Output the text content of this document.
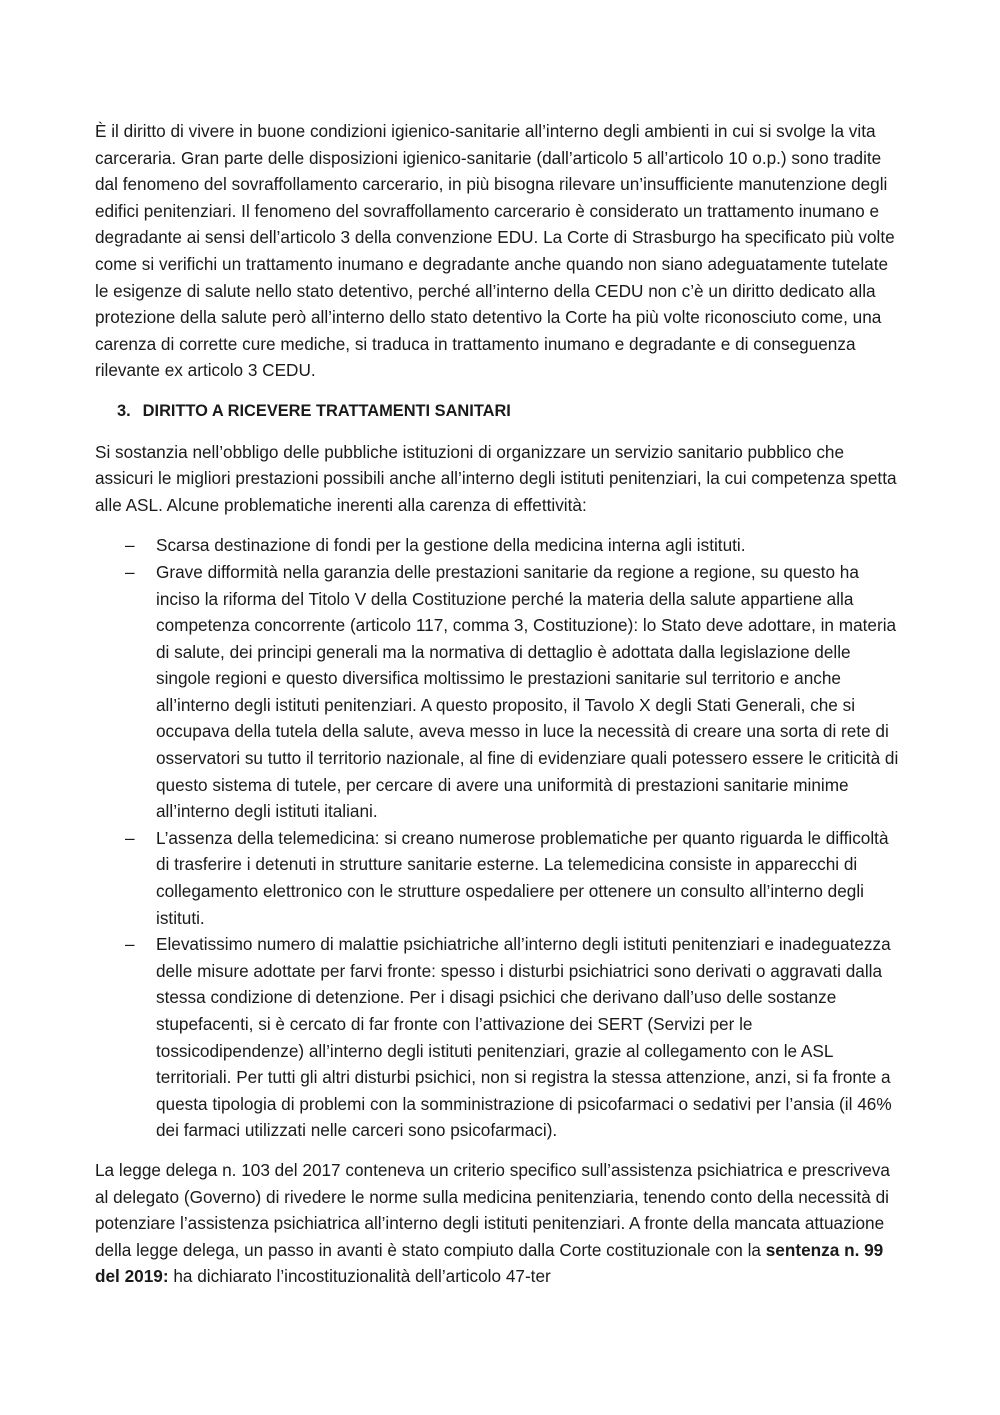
È il diritto di vivere in buone condizioni igienico-sanitarie all’interno degli ambienti in cui si svolge la vita carceraria. Gran parte delle disposizioni igienico-sanitarie (dall’articolo 5 all’articolo 10 o.p.) sono tradite dal fenomeno del sovraffollamento carcerario, in più bisogna rilevare un’insufficiente manutenzione degli edifici penitenziari. Il fenomeno del sovraffollamento carcerario è considerato un trattamento inumano e degradante ai sensi dell’articolo 3 della convenzione EDU. La Corte di Strasburgo ha specificato più volte come si verifichi un trattamento inumano e degradante anche quando non siano adeguatamente tutelate le esigenze di salute nello stato detentivo, perché all’interno della CEDU non c’è un diritto dedicato alla protezione della salute però all’interno dello stato detentivo la Corte ha più volte riconosciuto come, una carenza di corrette cure mediche, si traduca in trattamento inumano e degradante e di conseguenza rilevante ex articolo 3 CEDU.

3. DIRITTO A RICEVERE TRATTAMENTI SANITARI

Si sostanzia nell’obbligo delle pubbliche istituzioni di organizzare un servizio sanitario pubblico che assicuri le migliori prestazioni possibili anche all’interno degli istituti penitenziari, la cui competenza spetta alle ASL. Alcune problematiche inerenti alla carenza di effettività:

– Scarsa destinazione di fondi per la gestione della medicina interna agli istituti.
– Grave difformità nella garanzia delle prestazioni sanitarie da regione a regione, su questo ha inciso la riforma del Titolo V della Costituzione perché la materia della salute appartiene alla competenza concorrente (articolo 117, comma 3, Costituzione): lo Stato deve adottare, in materia di salute, dei principi generali ma la normativa di dettaglio è adottata dalla legislazione delle singole regioni e questo diversifica moltissimo le prestazioni sanitarie sul territorio e anche all’interno degli istituti penitenziari. A questo proposito, il Tavolo X degli Stati Generali, che si occupava della tutela della salute, aveva messo in luce la necessità di creare una sorta di rete di osservatori su tutto il territorio nazionale, al fine di evidenziare quali potessero essere le criticità di questo sistema di tutele, per cercare di avere una uniformità di prestazioni sanitarie minime all’interno degli istituti italiani.
– L’assenza della telemedicina: si creano numerose problematiche per quanto riguarda le difficoltà di trasferire i detenuti in strutture sanitarie esterne. La telemedicina consiste in apparecchi di collegamento elettronico con le strutture ospedaliere per ottenere un consulto all’interno degli istituti.
– Elevatissimo numero di malattie psichiatriche all’interno degli istituti penitenziari e inadeguatezza delle misure adottate per farvi fronte: spesso i disturbi psichiatrici sono derivati o aggravati dalla stessa condizione di detenzione. Per i disagi psichici che derivano dall’uso delle sostanze stupefacenti, si è cercato di far fronte con l’attivazione dei SERT (Servizi per le tossicodipendenze) all’interno degli istituti penitenziari, grazie al collegamento con le ASL territoriali. Per tutti gli altri disturbi psichici, non si registra la stessa attenzione, anzi, si fa fronte a questa tipologia di problemi con la somministrazione di psicofarmaci o sedativi per l’ansia (il 46% dei farmaci utilizzati nelle carceri sono psicofarmaci).

La legge delega n. 103 del 2017 conteneva un criterio specifico sull’assistenza psichiatrica e prescriveva al delegato (Governo) di rivedere le norme sulla medicina penitenziaria, tenendo conto della necessità di potenziare l’assistenza psichiatrica all’interno degli istituti penitenziari. A fronte della mancata attuazione della legge delega, un passo in avanti è stato compiuto dalla Corte costituzionale con la sentenza n. 99 del 2019: ha dichiarato l’incostituzionalità dell’articolo 47-ter
